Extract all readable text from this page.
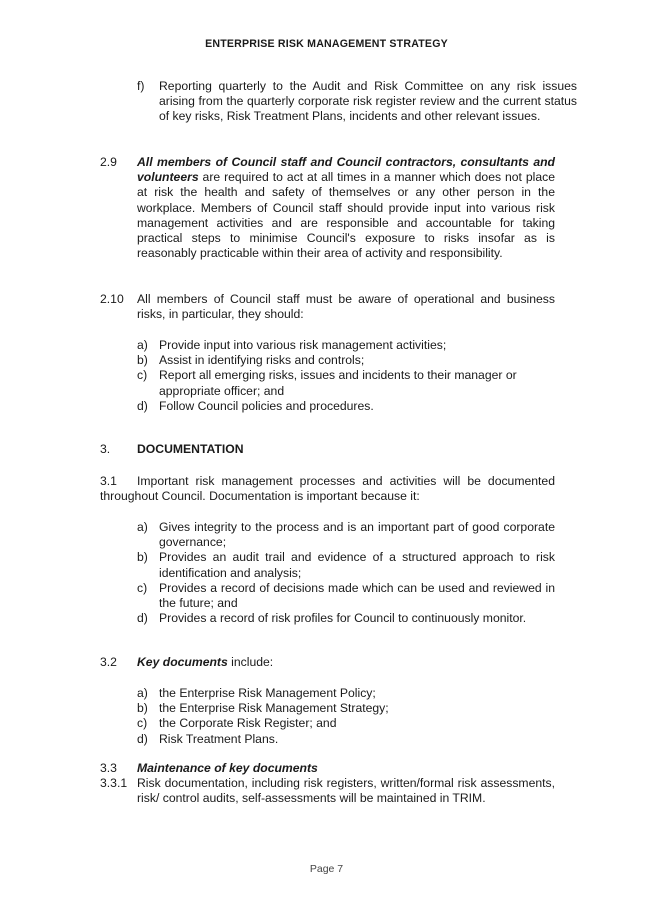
ENTERPRISE RISK MANAGEMENT STRATEGY
f) Reporting quarterly to the Audit and Risk Committee on any risk issues arising from the quarterly corporate risk register review and the current status of key risks, Risk Treatment Plans, incidents and other relevant issues.
2.9 All members of Council staff and Council contractors, consultants and volunteers are required to act at all times in a manner which does not place at risk the health and safety of themselves or any other person in the workplace. Members of Council staff should provide input into various risk management activities and are responsible and accountable for taking practical steps to minimise Council's exposure to risks insofar as is reasonably practicable within their area of activity and responsibility.
2.10 All members of Council staff must be aware of operational and business risks, in particular, they should:
a) Provide input into various risk management activities;
b) Assist in identifying risks and controls;
c) Report all emerging risks, issues and incidents to their manager or appropriate officer; and
d) Follow Council policies and procedures.
3. DOCUMENTATION
3.1 Important risk management processes and activities will be documented throughout Council. Documentation is important because it:
a) Gives integrity to the process and is an important part of good corporate governance;
b) Provides an audit trail and evidence of a structured approach to risk identification and analysis;
c) Provides a record of decisions made which can be used and reviewed in the future; and
d) Provides a record of risk profiles for Council to continuously monitor.
3.2 Key documents include:
a) the Enterprise Risk Management Policy;
b) the Enterprise Risk Management Strategy;
c) the Corporate Risk Register; and
d) Risk Treatment Plans.
3.3 Maintenance of key documents
3.3.1 Risk documentation, including risk registers, written/formal risk assessments, risk/ control audits, self-assessments will be maintained in TRIM.
Page 7
